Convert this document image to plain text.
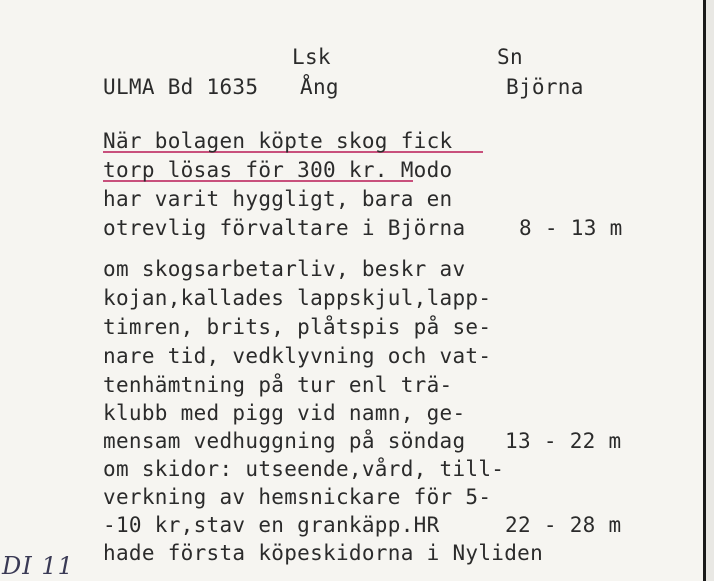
Lsk	Sn
ULMA Bd 1635 Ång	Björna
När bolagen köpte skog fick
torp lösas för 300 kr. Modo
har varit hyggligt, bara en
otrevlig förvaltare i Björna	8 - 13 m
om skogsarbetarliv, beskr av
kojan,kallades lappskjul,lapp-
timren, brits, plåtspis på se-
nare tid, vedklyvning och vat-
tenhämtning på tur enl trä-
klubb med pigg vid namn, ge-
mensam vedhuggning på söndag 13 - 22 m
om skidor: utseende,vård, till-
verkning av hemsnickare för 5-
-10 kr,stav en grankäpp.HR	22 - 28 m
hade första köpeskidorna i Nyliden
DI 11
